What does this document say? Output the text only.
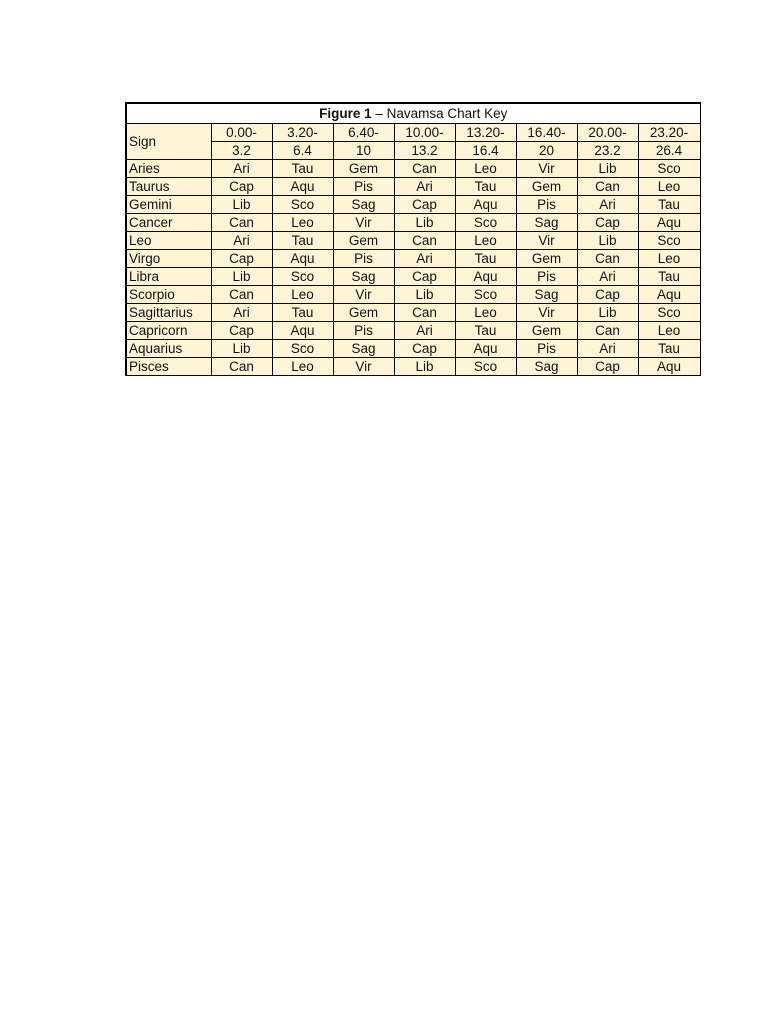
Figure 1 – Navamsa Chart Key								
Sign	0.00-	3.20-	6.40-	10.00-	13.20-	16.40-	20.00-	23.20-
	3.2	6.4	10	13.2	16.4	20	23.2	26.4
Aries	Ari	Tau	Gem	Can	Leo	Vir	Lib	Sco
Taurus	Cap	Aqu	Pis	Ari	Tau	Gem	Can	Leo
Gemini	Lib	Sco	Sag	Cap	Aqu	Pis	Ari	Tau
Cancer	Can	Leo	Vir	Lib	Sco	Sag	Cap	Aqu
Leo	Ari	Tau	Gem	Can	Leo	Vir	Lib	Sco
Virgo	Cap	Aqu	Pis	Ari	Tau	Gem	Can	Leo
Libra	Lib	Sco	Sag	Cap	Aqu	Pis	Ari	Tau
Scorpio	Can	Leo	Vir	Lib	Sco	Sag	Cap	Aqu
Sagittarius	Ari	Tau	Gem	Can	Leo	Vir	Lib	Sco
Capricorn	Cap	Aqu	Pis	Ari	Tau	Gem	Can	Leo
Aquarius	Lib	Sco	Sag	Cap	Aqu	Pis	Ari	Tau
Pisces	Can	Leo	Vir	Lib	Sco	Sag	Cap	Aqu
